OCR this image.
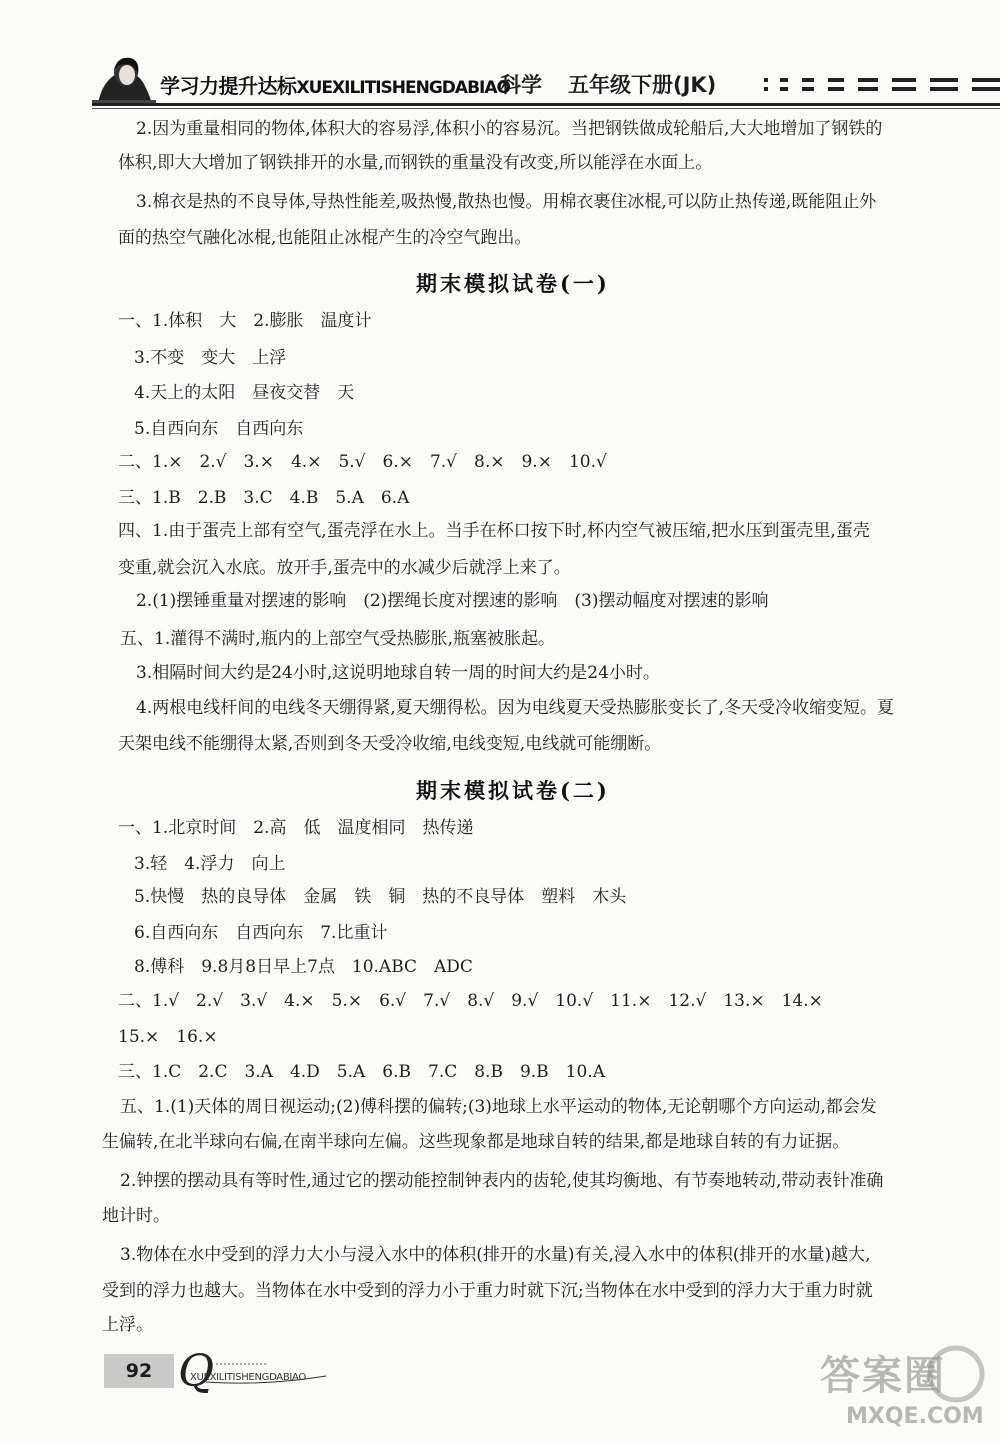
学习力提升达标XUEXILITISHENGDABIAO
科学 五年级下册(JK)
2.因为重量相同的物体,体积大的容易浮,体积小的容易沉。当把钢铁做成轮船后,大大地增加了钢铁的
体积,即大大增加了钢铁排开的水量,而钢铁的重量没有改变,所以能浮在水面上。
3.棉衣是热的不良导体,导热性能差,吸热慢,散热也慢。用棉衣裹住冰棍,可以防止热传递,既能阻止外
面的热空气融化冰棍,也能阻止冰棍产生的冷空气跑出。
期末模拟试卷(一)
一、1.体积　大　2.膨胀　温度计
3.不变　变大　上浮
4.天上的太阳　昼夜交替　天
5.自西向东　自西向东
二、1.×　2.√　3.×　4.×　5.√　6.×　7.√　8.×　9.×　10.√
三、1.B　2.B　3.C　4.B　5.A　6.A
四、1.由于蛋壳上部有空气,蛋壳浮在水上。当手在杯口按下时,杯内空气被压缩,把水压到蛋壳里,蛋壳
变重,就会沉入水底。放开手,蛋壳中的水减少后就浮上来了。
2.(1)摆锤重量对摆速的影响　(2)摆绳长度对摆速的影响　(3)摆动幅度对摆速的影响
五、1.灌得不满时,瓶内的上部空气受热膨胀,瓶塞被胀起。
3.相隔时间大约是24小时,这说明地球自转一周的时间大约是24小时。
4.两根电线杆间的电线冬天绷得紧,夏天绷得松。因为电线夏天受热膨胀变长了,冬天受冷收缩变短。夏
天架电线不能绷得太紧,否则到冬天受冷收缩,电线变短,电线就可能绷断。
期末模拟试卷(二)
一、1.北京时间　2.高　低　温度相同　热传递
3.轻　4.浮力　向上
5.快慢　热的良导体　金属　铁　铜　热的不良导体　塑料　木头
6.自西向东　自西向东　7.比重计
8.傅科　9.8月8日早上7点　10.ABC　ADC
二、1.√　2.√　3.√　4.×　5.×　6.√　7.√　8.√　9.√　10.√　11.×　12.√　13.×　14.×
15.×　16.×
三、1.C　2.C　3.A　4.D　5.A　6.B　7.C　8.B　9.B　10.A
五、1.(1)天体的周日视运动;(2)傅科摆的偏转;(3)地球上水平运动的物体,无论朝哪个方向运动,都会发
生偏转,在北半球向右偏,在南半球向左偏。这些现象都是地球自转的结果,都是地球自转的有力证据。
2.钟摆的摆动具有等时性,通过它的摆动能控制钟表内的齿轮,使其均衡地、有节奏地转动,带动表针准确
地计时。
3.物体在水中受到的浮力大小与浸入水中的体积(排开的水量)有关,浸入水中的体积(排开的水量)越大,
受到的浮力也越大。当物体在水中受到的浮力小于重力时就下沉;当物体在水中受到的浮力大于重力时就
上浮。
92 Q
XUEXILITISHENGDABIAO	答案圈
MXQE.COM
